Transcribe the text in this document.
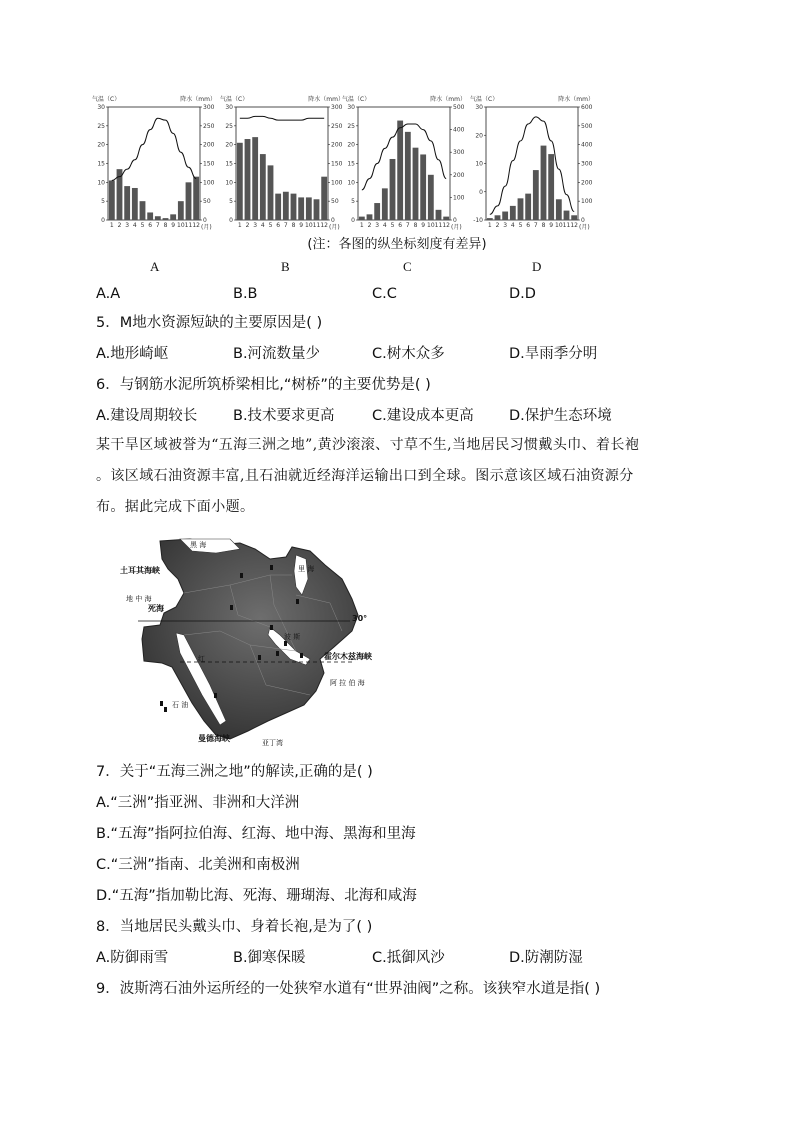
气温（C）	降水（mm）
0
5
10
15
20
25
30
0
50
100
150
200
250
300
1 2 3 4 5 6 7 8 9 10 11 12 (月)
气温（C）	降水（mm）
0
5
10
15
20
25
30
0
50
100
150
200
250
300
1 2 3 4 5 6 7 8 9 10 11 12 (月)
气温（C）	降水（mm）
0
5
10
15
20
25
30
0
100
200
300
400
500
1 2 3 4 5 6 7 8 9 10 11 12 (月)
气温（C）	降水（mm）
-10
0
10
20
30
0
100
200
300
400
500
600
1 2 3 4 5 6 7 8 9 10 11 12 (月)
(注：各图的纵坐标刻度有差异)
A	B	C	D
A.A	B.B	C.C	D.D
5．M地水资源短缺的主要原因是( )
A.地形崎岖	B.河流数量少	C.树木众多	D.旱雨季分明
6．与钢筋水泥所筑桥梁相比,“树桥”的主要优势是( )
A.建设周期较长 B.技术要求更高	C.建设成本更高 D.保护生态环境
某干旱区域被誉为“五海三洲之地”,黄沙滚滚、寸草不生,当地居民习惯戴头巾、着长袍
。该区域石油资源丰富,且石油就近经海洋运输出口到全球。图示意该区域石油资源分
布。据此完成下面小题。
土耳其海峡
黑 海
里 海
地 中 海
死海
30°
红
波 斯
霍尔木兹海峡
阿 拉 伯 海
亚丁湾
曼德海峡
石 油
7．关于“五海三洲之地”的解读,正确的是( )
A.“三洲”指亚洲、非洲和大洋洲
B.“五海”指阿拉伯海、红海、地中海、黑海和里海
C.“三洲”指南、北美洲和南极洲
D.“五海”指加勒比海、死海、珊瑚海、北海和咸海
8．当地居民头戴头巾、身着长袍,是为了( )
A.防御雨雪	B.御寒保暖	C.抵御风沙	D.防潮防湿
9．波斯湾石油外运所经的一处狭窄水道有“世界油阀”之称。该狭窄水道是指( )
